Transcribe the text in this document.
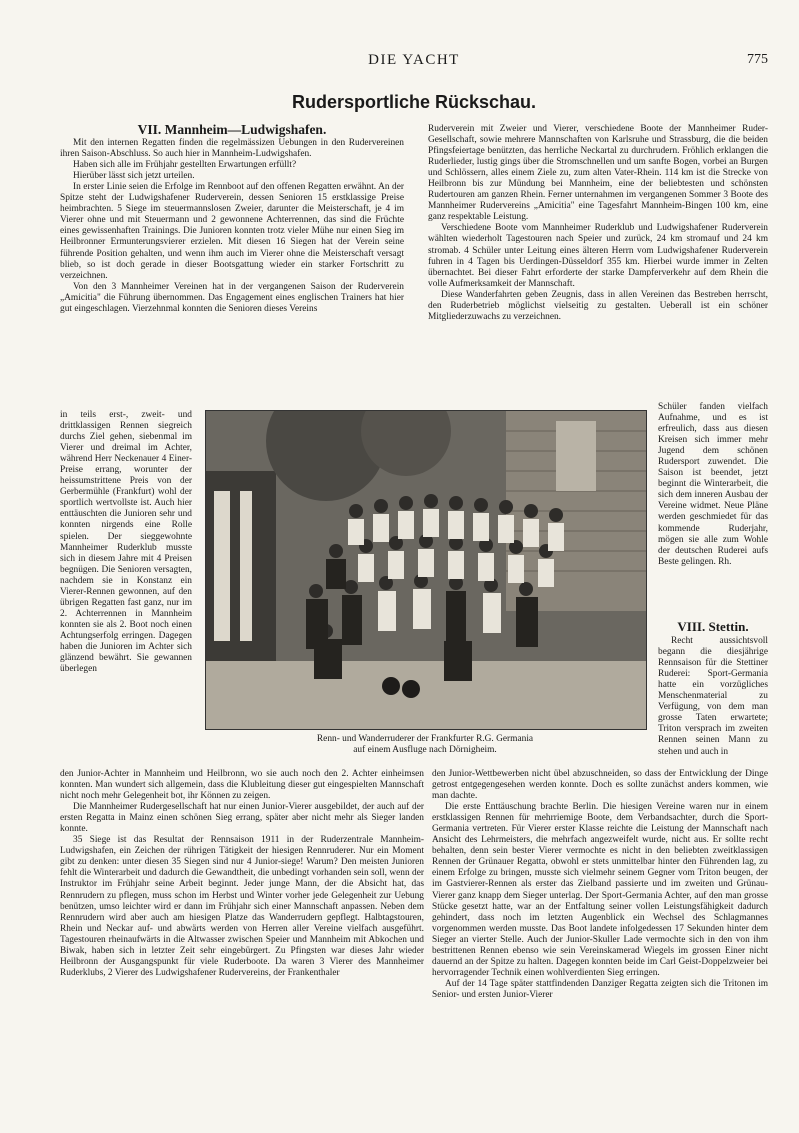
DIE YACHT	775
Rudersportliche Rückschau.
VII. Mannheim—Ludwigshafen.

Mit den internen Regatten finden die regelmässizen Uebungen in den Rudervereinen ihren Saison-Abschluss. So auch hier in Mannheim-Ludwigshafen.

Haben sich alle im Frühjahr gestellten Erwartungen erfüllt?

Hierüber lässt sich jetzt urteilen.

In erster Linie seien die Erfolge im Rennboot auf den offenen Regatten erwähnt. An der Spitze steht der Ludwigshafener Ruderverein, dessen Senioren 15 erstklassige Preise heimbrachten. 5 Siege im steuermannslosen Zweier, darunter die Meisterschaft, je 4 im Vierer ohne und mit Steuermann und 2 gewonnene Achterrennen, das sind die Früchte eines gewissenhaften Trainings. Die Junioren konnten trotz vieler Mühe nur einen Sieg im Heilbronner Ermunterungsvierer erzielen. Mit diesen 16 Siegen hat der Verein seine führende Position gehalten, und wenn ihm auch im Vierer ohne die Meisterschaft versagt blieb, so ist doch gerade in dieser Bootsgattung wieder ein starker Fortschritt zu verzeichnen.

Von den 3 Mannheimer Vereinen hat in der vergangenen Saison der Ruderverein „Amicitia" die Führung übernommen. Das Engagement eines englischen Trainers hat hier gut eingeschlagen. Vierzehnmal konnten die Senioren dieses Vereins

Ruderverein mit Zweier und Vierer, verschiedene Boote der Mannheimer Ruder-Gesellschaft, sowie mehrere Mannschaften von Karlsruhe und Strassburg, die die beiden Pfingsfeiertage benützten, das herrliche Neckartal zu durchrudern. Fröhlich erklangen die Ruderlieder, lustig gings über die Stromschnellen und um sanfte Bogen, vorbei an Burgen und Schlössern, alles einem Ziele zu, zum alten Vater-Rhein. 114 km ist die Strecke von Heilbronn bis zur Mündung bei Mannheim, eine der beliebtesten und schönsten Rudertouren am ganzen Rhein. Ferner unternahmen im vergangenen Sommer 3 Boote des Mannheimer Rudervereins „Amicitia" eine Tagesfahrt Mannheim-Bingen 100 km, eine ganz respektable Leistung.

Verschiedene Boote vom Mannheimer Ruderklub und Ludwigshafener Ruderverein wählten wiederholt Tagestouren nach Speier und zurück, 24 km stromauf und 24 km stromab. 4 Schüler unter Leitung eines älteren Herrn vom Ludwigshafener Ruderverein fuhren in 4 Tagen bis Uerdingen-Düsseldorf 355 km. Hierbei wurde immer in Zelten übernachtet. Bei dieser Fahrt erforderte der starke Dampferverkehr auf dem Rhein die volle Aufmerksamkeit der Mannschaft.

Diese Wanderfahrten geben Zeugnis, dass in allen Vereinen das Bestreben herrscht, den Ruderbetrieb möglichst vielseitig zu gestalten. Ueberall ist ein schöner Mitgliederzuwachs zu verzeichnen.

in teils erst-, zweit- und drittklassigen Rennen siegreich durchs Ziel gehen, siebenmal im Vierer und dreimal im Achter, während Herr Neckenauer 4 Einer-Preise errang, worunter der heissumstrittene Preis von der Gerbermühle (Frankfurt) wohl der sportlich wertvollste ist. Auch hier enttäuschten die Junioren sehr und konnten nirgends eine Rolle spielen. Der sieggewohnte Mannheimer Ruderklub musste sich in diesem Jahre mit 4 Preisen begnügen. Die Senioren versagten, nachdem sie in Konstanz ein Vierer-Rennen gewonnen, auf den übrigen Regatten fast ganz, nur im 2. Achterrennen in Mannheim konnten sie als 2. Boot noch einen Achtungserfolg erringen. Dagegen haben die Junioren im Achter sich glänzend bewährt. Sie gewannen überlegen

Renn- und Wanderruderer der Frankfurter R.G. Germania
auf einem Ausfluge nach Dörnigheim.

Schüler fanden vielfach Aufnahme, und es ist erfreulich, dass aus diesen Kreisen sich immer mehr Jugend dem schönen Rudersport zuwendet. Die Saison ist beendet, jetzt beginnt die Winterarbeit, die sich dem inneren Ausbau der Vereine widmet. Neue Pläne werden geschmiedet für das kommende Ruderjahr, mögen sie alle zum Wohle der deutschen Ruderei aufs Beste gelingen. Rh.

VIII. Stettin.

Recht aussichtsvoll begann die diesjährige Rennsaison für die Stettiner Ruderei: Sport-Germania hatte ein vorzügliches Menschenmaterial zu Verfügung, von dem man grosse Taten erwartete; Triton versprach im zweiten Rennen seinen Mann zu stehen und auch in

den Junior-Achter in Mannheim und Heilbronn, wo sie auch noch den 2. Achter einheimsen konnten. Man wundert sich allgemein, dass die Klubleitung dieser gut eingespielten Mannschaft nicht noch mehr Gelegenheit bot, ihr Können zu zeigen.

Die Mannheimer Rudergesellschaft hat nur einen Junior-Vierer ausgebildet, der auch auf der ersten Regatta in Mainz einen schönen Sieg errang, später aber nicht mehr als Sieger landen konnte.

35 Siege ist das Resultat der Rennsaison 1911 in der Ruderzentrale Mannheim-Ludwigshafen, ein Zeichen der rührigen Tätigkeit der hiesigen Rennruderer. Nur ein Moment gibt zu denken: unter diesen 35 Siegen sind nur 4 Junior-siege! Warum? Den meisten Junioren fehlt die Winterarbeit und dadurch die Gewandtheit, die unbedingt vorhanden sein soll, wenn der Instruktor im Frühjahr seine Arbeit beginnt. Jeder junge Mann, der die Absicht hat, das Rennrudern zu pflegen, muss schon im Herbst und Winter vorher jede Gelegenheit zur Uebung benützen, umso leichter wird er dann im Frühjahr sich einer Mannschaft anpassen. Neben dem Rennrudern wird aber auch am hiesigen Platze das Wanderrudern gepflegt. Halbtagstouren, Rhein und Neckar auf- und abwärts werden von Herren aller Vereine vielfach ausgeführt. Tagestouren rheinaufwärts in die Altwasser zwischen Speier und Mannheim mit Abkochen und Biwak, haben sich in letzter Zeit sehr eingebürgert. Zu Pfingsten war dieses Jahr wieder Heilbronn der Ausgangspunkt für viele Ruderboote. Da waren 3 Vierer des Mannheimer Ruderklubs, 2 Vierer des Ludwigshafener Rudervereins, der Frankenthaler

den Junior-Wettbewerben nicht übel abzuschneiden, so dass der Entwicklung der Dinge getrost entgegengesehen werden konnte. Doch es sollte zunächst anders kommen, wie man dachte.

Die erste Enttäuschung brachte Berlin. Die hiesigen Vereine waren nur in einem erstklassigen Rennen für mehrriemige Boote, dem Verbandsachter, durch die Sport-Germania vertreten. Für Vierer erster Klasse reichte die Leistung der Mannschaft nach Ansicht des Lehrmeisters, die mehrfach angezweifelt wurde, nicht aus. Er sollte recht behalten, denn sein bester Vierer vermochte es nicht in den beliebten zweitklassigen Rennen der Grünauer Regatta, obwohl er stets unmittelbar hinter den Führenden lag, zu einem Erfolge zu bringen, musste sich vielmehr seinem Gegner vom Triton beugen, der im Gastvierer-Rennen als erster das Zielband passierte und im zweiten und Grünau-Vierer ganz knapp dem Sieger unterlag. Der Sport-Germania Achter, auf den man grosse Stücke gesetzt hatte, war an der Entfaltung seiner vollen Leistungsfähigkeit dadurch gehindert, dass noch im letzten Augenblick ein Wechsel des Schlagmannes vorgenommen werden musste. Das Boot landete infolgedessen 17 Sekunden hinter dem Sieger an vierter Stelle. Auch der Junior-Skuller Lade vermochte sich in den von ihm bestrittenen Rennen ebenso wie sein Vereinskamerad Wiegels im grossen Einer nicht dauernd an der Spitze zu halten. Dagegen konnten beide im Carl Geist-Doppelzweier bei hervorragender Technik einen wohlverdienten Sieg erringen.

Auf der 14 Tage später stattfindenden Danziger Regatta zeigten sich die Tritonen im Senior- und ersten Junior-Vierer
